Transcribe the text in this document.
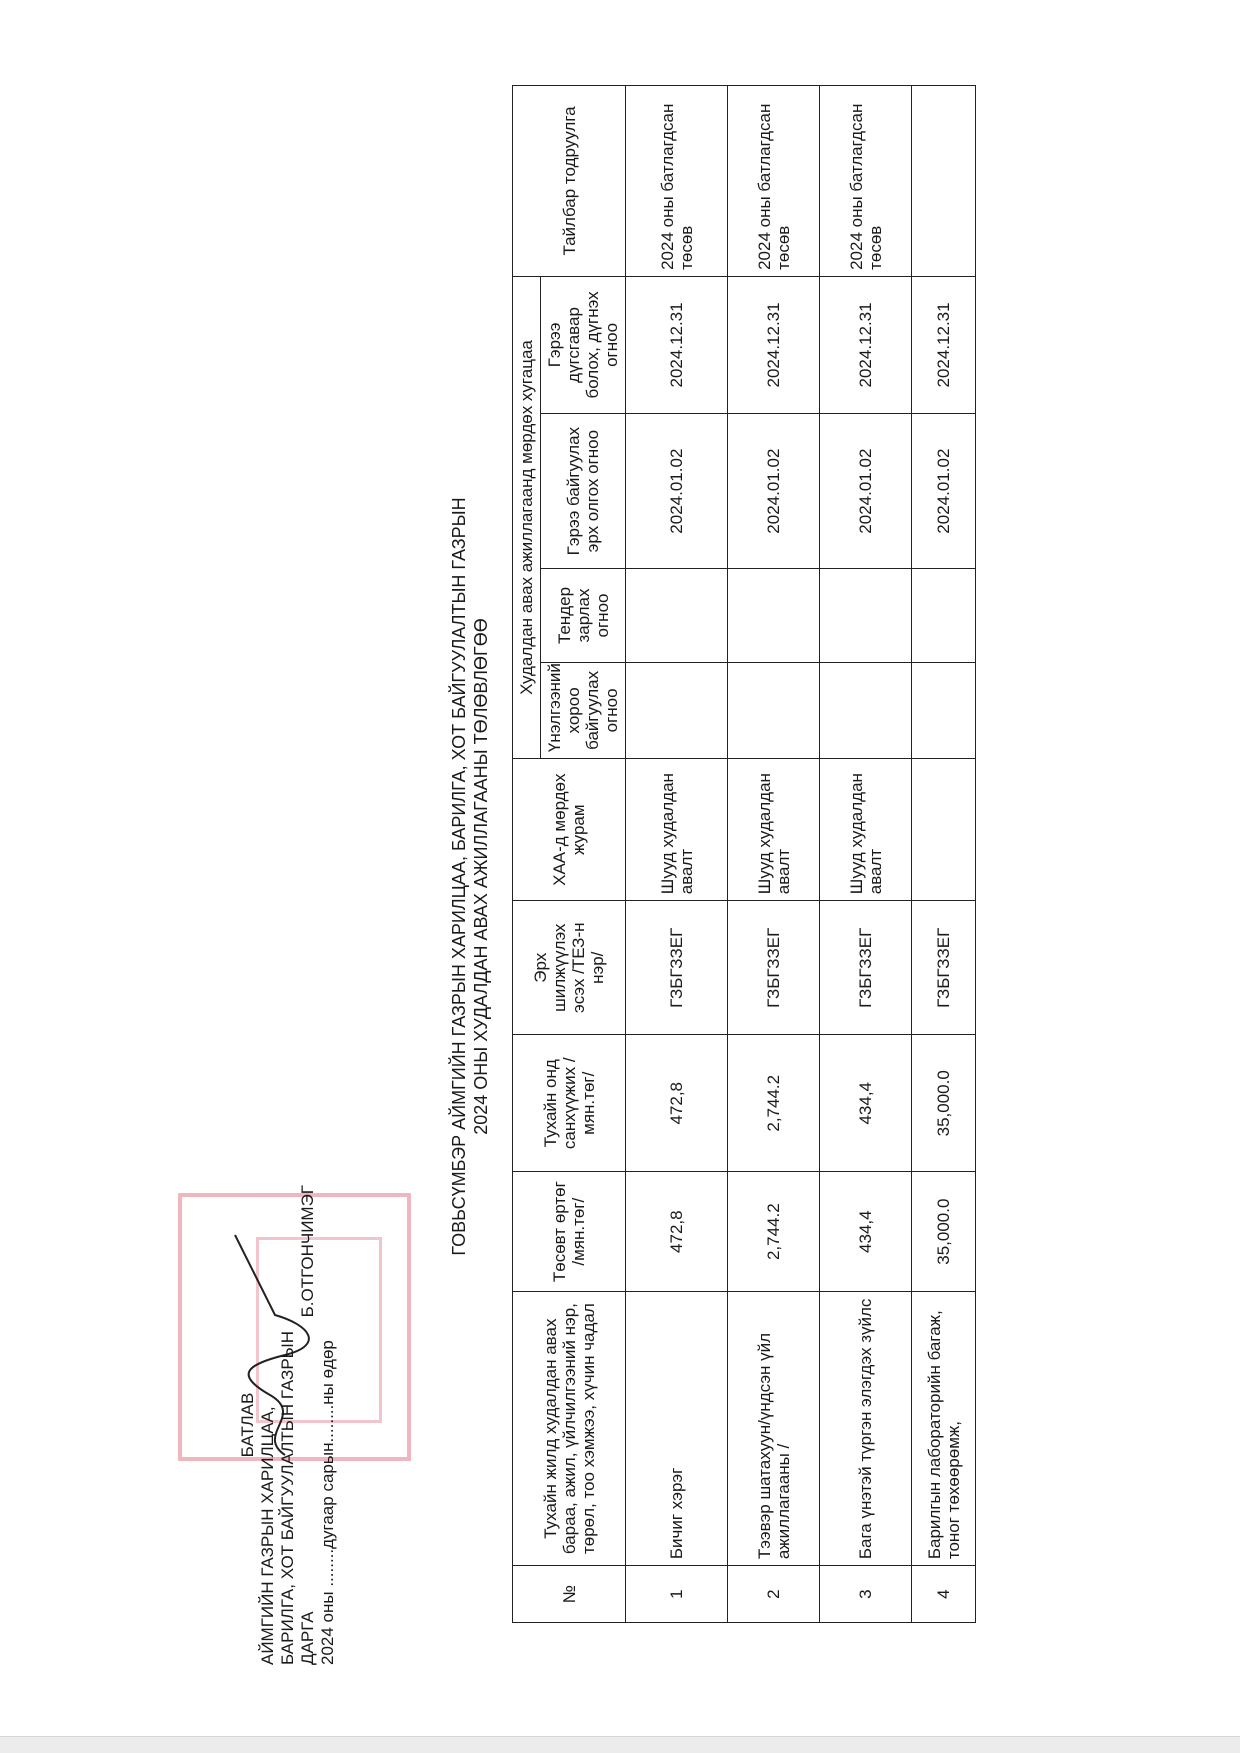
БАТЛАВ АЙМГИЙН ГАЗРЫН ХАРИЛЦАА, БАРИЛГА, ХОТ БАЙГУУЛАЛТЫН ГАЗРЫН ДАРГА
Б.ОТГОНЧИМЭГ
2024 оны ........дугаар сарын........ны өдөр
ГОВЬСҮМБЭР АЙМГИЙН ГАЗРЫН ХАРИЛЦАА, БАРИЛГА, ХОТ БАЙГУУЛАЛТЫН ГАЗРЫН 2024 ОНЫ ХУДАЛДАН АВАХ АЖИЛЛАГААНЫ ТӨЛӨВЛӨГӨӨ
№	Тухайн жилд худалдан авах бараа, ажил, үйлчилгээний нэр, төрөл, тоо хэмжээ, хүчин чадал	Төсөвт өртөг /мян.төг/	Тухайн онд санхүүжих /мян.төг/	Эрх шилжүүлэх эсэх /ТЕЗ-н нэр/	ХАА-д мөрдөх журам	Худалдан авах ажиллагаанд мөрдөх хугацаа				Тайлбар тодруулга
						Үнэлгээний хороо байгуулах огноо	Тендер зарлах огноо	Гэрээ байгуулах эрх олгох огноо	Гэрээ дүгсгавар болох, дүгнэх огноо	
1	Бичиг хэрэг	472,8	472,8	ГЗБГЗЗЕГ	Шууд худалдан авалт			2024.01.02	2024.12.31	2024 оны батлагдсан төсөв
2	Тээвэр шатахуун/үндсэн үйл ажиллагааны /	2,744.2	2,744.2	ГЗБГЗЗЕГ	Шууд худалдан авалт			2024.01.02	2024.12.31	2024 оны батлагдсан төсөв
3	Бага үнэтэй түргэн элэгдэх зүйлс	434,4	434,4	ГЗБГЗЗЕГ	Шууд худалдан авалт			2024.01.02	2024.12.31	2024 оны батлагдсан төсөв
4	Барилгын лабораторийн багаж, тоног төхөөрөмж,	35,000.0	35,000.0	ГЗБГЗЗЕГ				2024.01.02	2024.12.31	
